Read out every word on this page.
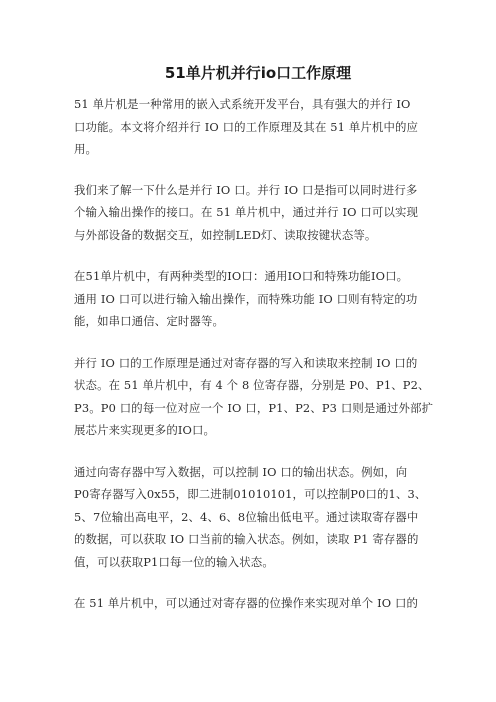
51单片机并行io口工作原理

51 单片机是一种常用的嵌入式系统开发平台，具有强大的并行 IO
口功能。本文将介绍并行 IO 口的工作原理及其在 51 单片机中的应
用。

我们来了解一下什么是并行 IO 口。并行 IO 口是指可以同时进行多
个输入输出操作的接口。在 51 单片机中，通过并行 IO 口可以实现
与外部设备的数据交互，如控制LED灯、读取按键状态等。

在51单片机中，有两种类型的IO口：通用IO口和特殊功能IO口。
通用 IO 口可以进行输入输出操作，而特殊功能 IO 口则有特定的功
能，如串口通信、定时器等。

并行 IO 口的工作原理是通过对寄存器的写入和读取来控制 IO 口的
状态。在 51 单片机中，有 4 个 8 位寄存器，分别是 P0、P1、P2、
P3。P0 口的每一位对应一个 IO 口，P1、P2、P3 口则是通过外部扩
展芯片来实现更多的IO口。

通过向寄存器中写入数据，可以控制 IO 口的输出状态。例如，向
P0寄存器写入0x55，即二进制01010101，可以控制P0口的1、3、
5、7位输出高电平，2、4、6、8位输出低电平。通过读取寄存器中
的数据，可以获取 IO 口当前的输入状态。例如，读取 P1 寄存器的
值，可以获取P1口每一位的输入状态。

在 51 单片机中，可以通过对寄存器的位操作来实现对单个 IO 口的
